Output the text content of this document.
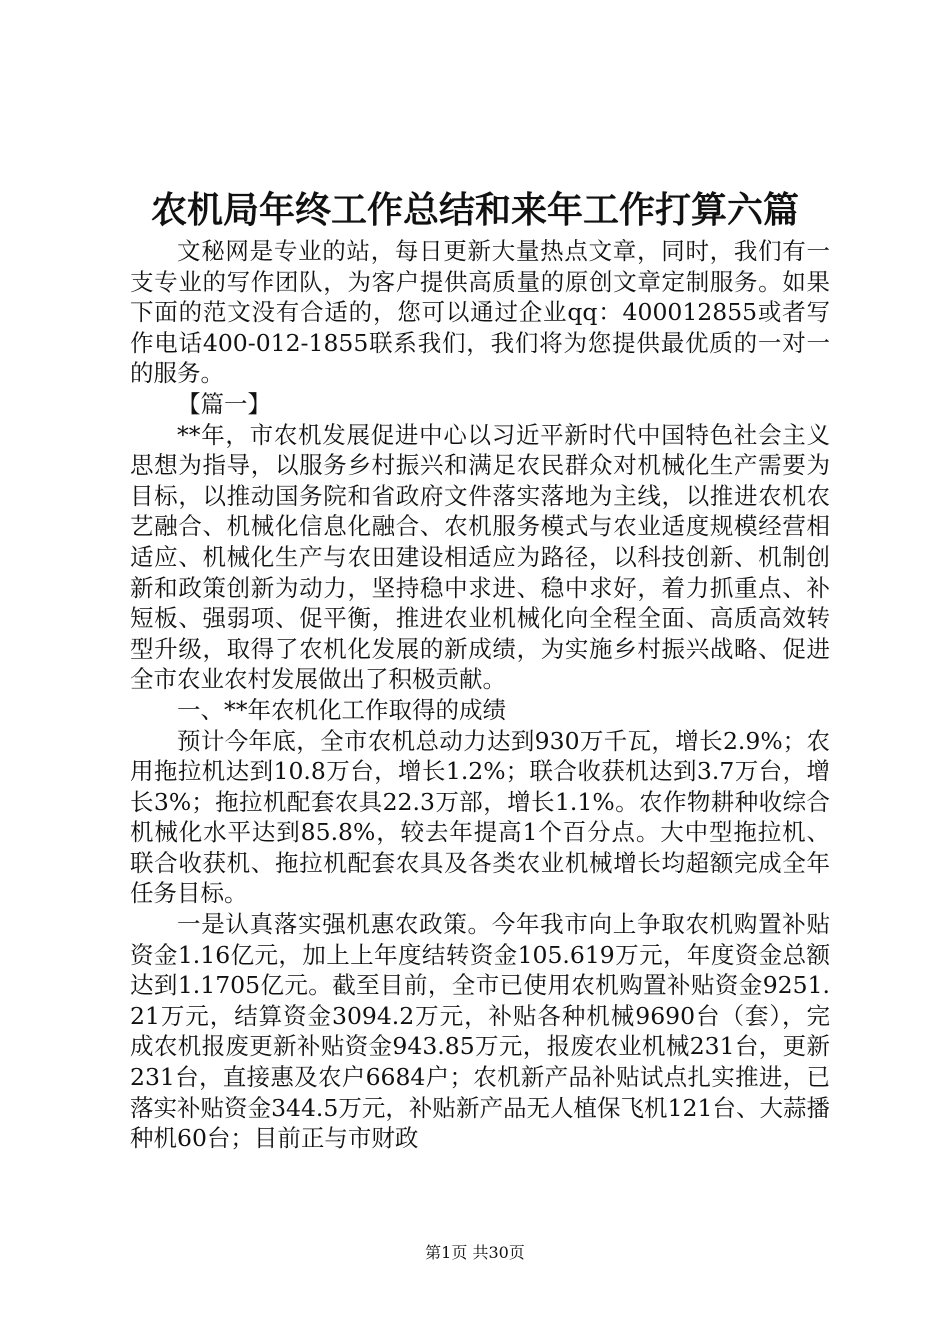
农机局年终工作总结和来年工作打算六篇

文秘网是专业的站，每日更新大量热点文章，同时，我们有一支专业的写作团队，为客户提供高质量的原创文章定制服务。如果下面的范文没有合适的，您可以通过企业qq：400012855或者写作电话400-012-1855联系我们，我们将为您提供最优质的一对一的服务。

【篇一】

**年，市农机发展促进中心以习近平新时代中国特色社会主义思想为指导，以服务乡村振兴和满足农民群众对机械化生产需要为目标，以推动国务院和省政府文件落实落地为主线，以推进农机农艺融合、机械化信息化融合、农机服务模式与农业适度规模经营相适应、机械化生产与农田建设相适应为路径，以科技创新、机制创新和政策创新为动力，坚持稳中求进、稳中求好，着力抓重点、补短板、强弱项、促平衡，推进农业机械化向全程全面、高质高效转型升级，取得了农机化发展的新成绩，为实施乡村振兴战略、促进全市农业农村发展做出了积极贡献。

一、**年农机化工作取得的成绩

预计今年底，全市农机总动力达到930万千瓦，增长2.9%；农用拖拉机达到10.8万台，增长1.2%；联合收获机达到3.7万台，增长3%；拖拉机配套农具22.3万部，增长1.1%。农作物耕种收综合机械化水平达到85.8%，较去年提高1个百分点。大中型拖拉机、联合收获机、拖拉机配套农具及各类农业机械增长均超额完成全年任务目标。

一是认真落实强机惠农政策。今年我市向上争取农机购置补贴资金1.16亿元，加上上年度结转资金105.619万元，年度资金总额达到1.1705亿元。截至目前，全市已使用农机购置补贴资金9251.21万元，结算资金3094.2万元，补贴各种机械9690台（套），完成农机报废更新补贴资金943.85万元，报废农业机械231台，更新231台，直接惠及农户6684户；农机新产品补贴试点扎实推进，已落实补贴资金344.5万元，补贴新产品无人植保飞机121台、大蒜播种机60台；目前正与市财政

第1页 共30页
